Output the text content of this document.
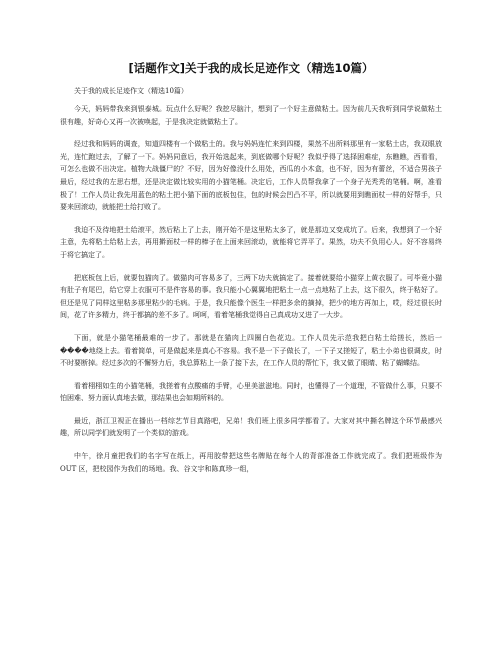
[话题作文]关于我的成长足迹作文（精选10篇）

关于我的成长足迹作文（精选10篇）

今天，妈妈带我来到银泰城。玩点什么好呢？我挖尽脑汁，想到了一个好主意做粘土。因为前几天我听到同学说做粘土很有趣，好奇心又再一次被唤起，于是我决定就做粘土了。

经过我和妈妈的调查，知道四楼有一个做粘土的。我与妈妈连忙来到四楼，果然不出所料那里有一家粘土店，我双眼放光，连忙跑过去，了解了一下。妈妈同意后，我开始选起来，到底做哪个好呢？我似乎得了选择困难症，东瞧瞧，西看看，可怎么也做不出决定。植物大战僵尸的？不好，因为好像没什么用处，西瓜的小木盒，也不好，因为有蕾丝，不适合男孩子 最后，经过我的左思右想，还是决定做比较实用的小猫笔桶。决定后，工作人员帮我拿了一个身子光秃秃的笔桶。啊，准看极了！工作人员让我先用蓝色的粘土把小猫下面的底板包住，包的时候会凹凸不平，所以就要用到瞧面杖一样的好帮手，只要来回滚动，就能把土给打败了。

我迫不及待地把土给滚平，然后粘上了上去，刚开始不是这里粘太多了，就是那边又变成坑了。后来，我想到了一个好主意，先将粘土给粘上去，再用擀面杖一样的棒子在上面来回滚动，就能将它弄平了。果然，功夫不负用心人。好不容易终于将它搞定了。

把底板包上后，就要包猫肉了。做猫肉可容易多了，三两下功夫就搞定了。接着就要给小猫穿上黄衣服了。可毕竟小猫有肚子有尾巴，给它穿上衣服可不是件容易的事。我只能小心翼翼地把粘土一点一点地粘了上去，这下很久，终于粘好了。但还是见了同样这里粘多那里粘少的毛病。于是，我只能像个医生一样把多余的摘掉，把少的地方再加上，哎，经过很长时间，花了许多精力，终于都搞的差不多了。呵呵，看着笔桶我觉得自己真成功又进了一大步。

下面，就是小猫笔桶最难的一步了。那就是在猫肉上四圈白色花边。工作人员先示范我把白粘土给搓长，然后一����地绕上去。看着简单，可是做起来是真心不容易。我不是一下子做长了，一下子又搓短了，粘土小弟也很调皮，时不时要断掉。经过多次的不懈努力后，我总算粘上一条了接下去，在工作人员的帮忙下，我又做了眼睛、粘了蝴蝶结。

看着栩栩如生的小猫笔桶，我搓着有点酸痛的手臂，心里美滋滋地。同时，也懂得了一个道理，不管做什么事，只要不怕困难、努力面认真地去做，那结果也会如期所料的。

最近，浙江卫视正在播出一档综艺节目真路吧，兄弟！我们班上很多同学都看了。大家对其中撕名牌这个环节最感兴趣，所以同学们就发明了一个类似的游戏。

中午，徐月童把我们的名字写在纸上，再用胶带把这些名牌贴在每个人的背部准备工作就完成了。我们把班级作为 OUT 区，把校园作为我们的场地。我、谷文宇和陈真珍一组，
